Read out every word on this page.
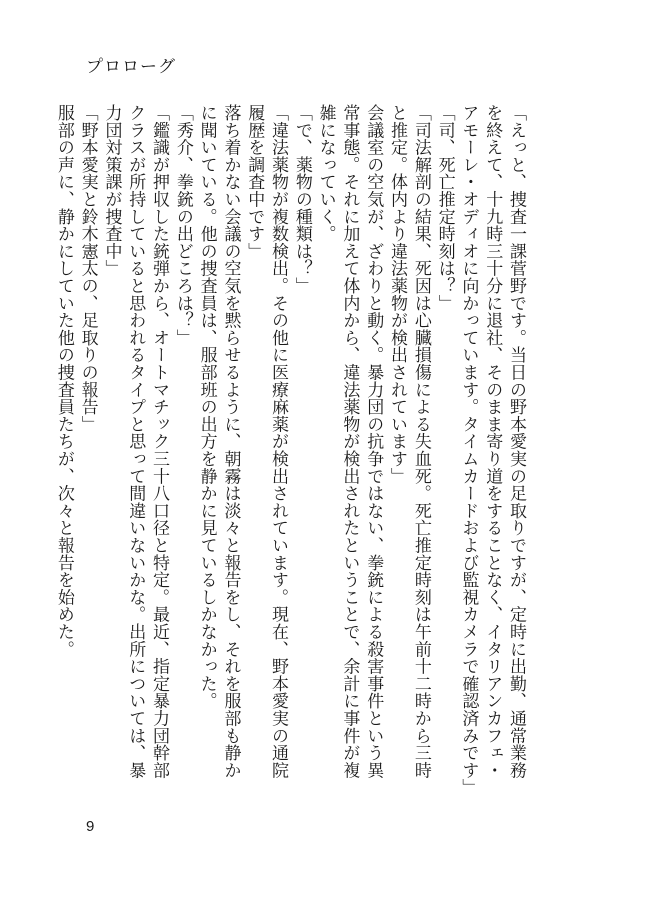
プロローグ

「えっと、捜査一課菅野です。当日の野本愛実の足取りですが、定時に出勤、通常業務を終えて、十九時三十分に退社、そのまま寄り道をすることなく、イタリアンカフェ・アモーレ・オディオに向かっています。タイムカードおよび監視カメラで確認済みです」

「司、死亡推定時刻は？」

「司法解剖の結果、死因は心臓損傷による失血死。死亡推定時刻は午前十二時から三時と推定。体内より違法薬物が検出されています」

会議室の空気が、ざわりと動く。暴力団の抗争ではない、拳銃による殺害事件という異常事態。それに加えて体内から、違法薬物が検出されたということで、余計に事件が複雑になっていく。

「で、薬物の種類は？」

「違法薬物が複数検出。その他に医療麻薬が検出されています。現在、野本愛実の通院履歴を調査中です」

落ち着かない会議の空気を黙らせるように、朝霧は淡々と報告をし、それを服部も静かに聞いている。他の捜査員は、服部班の出方を静かに見ているしかなかった。

「秀介、拳銃の出どころは？」

「鑑識が押収した銃弾から、オートマチック三十八口径と特定。最近、指定暴力団幹部クラスが所持していると思われるタイプと思って間違いないかな。出所については、暴力団対策課が捜査中」

「野本愛実と鈴木憲太の、足取りの報告」

服部の声に、静かにしていた他の捜査員たちが、次々と報告を始めた。

9
